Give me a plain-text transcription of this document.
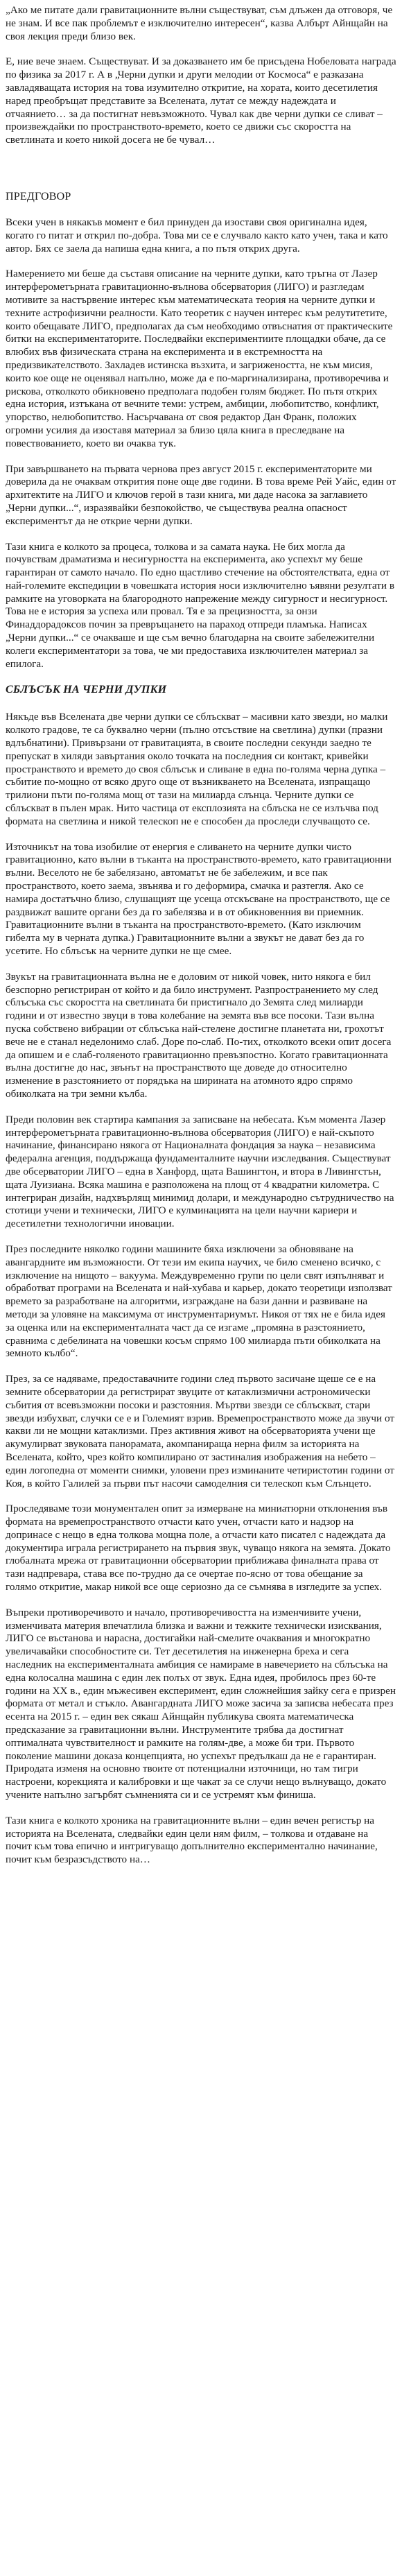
„Ако ме питате дали гравитационните вълни съществуват, съм длъжен да отговоря, че не знам. И все пак проблемът е изключително интересен“, казва Албърт Айнщайн на своя лекция преди близо век.

Е, ние вече знаем. Съществуват. И за доказването им бе присъдена Нобеловата награда по физика за 2017 г. А в „Черни дупки и други мелодии от Космоса“ е разказана завладяващата история на това изумително откритие, на хората, които десетилетия наред преобръщат представите за Вселената, лутат се между надеждата и отчаянието… за да постигнат невъзможното. Чувал как две черни дупки се сливат – произвеждайки по пространството-времето, което се движи със скоростта на светлината и което никой досега не бе чувал…

ПРЕДГОВОР

Всеки учен в някакъв момент е бил принуден да изостави своя оригинална идея, когато го питат и открил по-добра. Това ми се е случвало както като учен, така и като автор. Бях се заела да напиша една книга, а по пътя открих друга.

Намерението ми беше да съставя описание на черните дупки, като тръгна от Лазер интерферометърната гравитационно-вълнова обсерватория (ЛИГО) и разгледам мотивите за настървение интерес към математическата теория на черните дупки и техните астрофизични реалности. Като теоретик с научен интерес към релутитетите, които обещавате ЛИГО, предполагах да съм необходимо отвъснатия от практическите битки на експериментаторите. Последвайки експериментиите площадки обаче, да се влюбих във физическата страна на експеримента и в екстремността на предизвикателството. Захладев истинска възхита, и загрижеността, не към мисия, които кое още не оценявал напълно, може да е по-маргинализирана, противоречива и рискова, отколкото обикновено предполага подобен голям бюджет. По пътя открих една история, изтъкана от вечните теми: устрем, амбиции, любопитство, конфликт, упорство, нелюбопитство. Насърчавана от своя редактор Дан Франк, положих огромни усилия да изоставя материал за близо цяла книга в преследване на повествованието, което ви очаква тук.

При завършването на първата чернова през август 2015 г. експериментаторите ми доверила да не очаквам открития поне още две години. В това време Рей Уайс, един от архитектите на ЛИГО и ключов герой в тази книга, ми даде насока за заглавието „Черни дупки...“, изразявайки безпокойство, че съществува реална опасност експериментът да не открие черни дупки.

Тази книга е колкото за процеса, толкова и за самата наука. Не бих могла да почувствам драматизма и несигурността на експеримента, ако успехът му беше гарантиран от самото начало. По едно щастливо стечение на обстоятелствата, една от най-големите експедиции в човешката история носи изключително ъявяни резултати в рамките на уговорката на благородното напрежение между сигурност и несигурност. Това не е история за успеха или провал. Тя е за прецизността, за онзи Финаддорадоксов почин за превръщането на параход отпреди пламъка. Написах „Черни дупки...“ се очакваше и ще съм вечно благодарна на своите забележителни колеги експериментатори за това, че ми предоставиха изключителен материал за епилога.

СБЛЪСЪК НА ЧЕРНИ ДУПКИ

Някъде във Вселената две черни дупки се сблъскват – масивни като звезди, но малки колкото градове, те са буквално черни (пълно отсъствие на светлина) дупки (празни вдлъбнатини). Привързани от гравитацията, в своите последни секунди заедно те препускат в хиляди завъртания около точката на последния си контакт, кривейки пространството и времето до своя сблъсък и сливане в една по-голяма черна дупка – събитие по-мощно от всяко друго още от възникването на Вселената, изпращащо трилиони пъти по-голяма мощ от тази на милиарда слънца. Черните дупки се сблъскват в пълен мрак. Нито частица от експлозията на сблъска не се излъчва под формата на светлина и никой телескоп не е способен да проследи случващото се.

Източникът на това изобилие от енергия е сливането на черните дупки чисто гравитационно, като вълни в тъканта на пространството-времето, като гравитационни вълни. Веселото не бе забелязано, автоматът не бе забележим, и все пак пространството, което заема, звънява и го деформира, смачка и разтегля. Ако се намира достатъчно близо, слушащият ще усеща отскъсване на пространството, ще се раздвижат вашите органи без да го забелязва и в от обикновенния ви приемник. Гравитационните вълни в тъканта на пространството-времето. (Като изключим гибелта му в черната дупка.) Гравитационните вълни а звукът не дават без да го усетите. Но сблъсък на черните дупки не ще смее.

Звукът на гравитационната вълна не е доловим от никой човек, нито някога е бил безспорно регистриран от който и да било инструмент. Разпространението му след сблъсъка със скоростта на светлината би пристигнало до Земята след милиарди години и от известно звуци в това колебание на земята във все посоки. Тази вълна пуска собствено вибрации от сблъсъка най-стелене достигне планетата ни, грохотът вече не е станал неделонимо слаб. Доре по-слаб. По-тих, отколкото всеки опит досега да опишем и е слаб-голяеното гравитационно превъзпостно. Когато гравитационната вълна достигне до нас, звънът на пространството ще доведе до относително изменение в разстоянието от порядъка на ширината на атомното ядро спрямо обиколката на три земни кълба.

Преди половин век стартира кампания за записване на небесата. Към момента Лазер интерферометърната гравитационно-вълнова обсерватория (ЛИГО) е най-скъпото начинание, финансирано някога от Националната фондация за наука – независима федерална агенция, поддържаща фундаменталните научни изследвания. Съществуват две обсерватории ЛИГО – една в Ханфорд, щата Вашингтон, и втора в Ливингстън, щата Луизиана. Всяка машина е разположена на площ от 4 квадратни километра. С интегриран дизайн, надхвърлящ минимид долари, и международно сътрудничество на стотици учени и технически, ЛИГО е кулминацията на цели научни кариери и десетилетни технологични иновации.

През последните няколко години машините бяха изключени за обновяване на авангардните им възможности. От тези им екипа научих, че било сменено всичко, с изключение на нищото – вакуума. Междувременно групи по цели свят изпълняват и обработват програми на Вселената и най-хубава и карьер, докато теоретици използват времето за разработване на алгоритми, изграждане на бази данни и развиване на методи за уловяне на максимума от инструментариумът. Никоя от тях не е била идея за оценка или на експерименталната част да се изгаме „промяна в разстоянието, сравнима с дебелината на човешки косъм спрямо 100 милиарда пъти обиколката на земното кълбо“.

През, за се надяваме, предоставачните години след първото засичане щеше се е на земните обсерватории да регистрират звуците от катаклизмични астрономически събития от всевъзможни посоки и разстояния. Мъртви звезди се сблъскват, стари звезди избухват, случки се е и Големият взрив. Времепространството може да звучи от какви ли не мощни катаклизми. През активния живот на обсерваторията учени ще акумулирват звуковата панорамата, акомпанираща нерна филм за историята на Вселената, който, чрез който компилирано от застиналия изображения на небето – един логопедна от моменти снимки, уловени през изминаните четиристотин години от Коя, в който Галилей за първи път насочи самоделния си телескоп към Слънцето.

Проследяваме този монументален опит за измерване на миниатюрни отклонения във формата на времепространството отчасти като учен, отчасти като и надзор на допринасе с нещо в една толкова мощна поле, а отчасти като писател с надеждата да документира играла регистрирането на първия звук, чуващо някога на земята. Докато глобалната мрежа от гравитационни обсерватории приближава финалната права от тази надпревара, става все по-трудно да се очертае по-ясно от това обещание за голямо откритие, макар никой все още сериозно да се съмнява в изгледите за успех.

Въпреки противоречивото и начало, противоречивостта на изменчивите учени, изменчивата материя впечатлила близка и важни и тежките технически изисквания, ЛИГО се въстанова и нарасна, достигайки най-смелите очаквания и многократно увеличавайки способностите си. Тет десетилетия на инженерна бреха и сега наследник на експерименталната амбиция се намираме в навечерието на сблъсъка на една колосална машина с един лек полъх от звук. Една идея, пробилось през 60-те години на XX в., един мъжесивен експеримент, един сложнейшия зайку сега е призрен формата от метал и стъкло. Авангардната ЛИГО може засича за записва небесата през есента на 2015 г. – един век сякаш Айнщайн публикува своята математическа предсказание за гравитационни вълни. Инструментите трябва да достигнат оптималната чувствителност и рамките на голям-две, а може би три. Първото поколение машини доказа концепцията, но успехът предълкаш да не е гарантиран. Природата изменя на основно твоите от потенциални източници, но там тигри настроени, корекцията и калибровки и ще чакат за се случи нещо вълнуващо, докато учените напълно загърбят съмненията си и се устремят към финиша.

Тази книга е колкото хроника на гравитационните вълни – един вечен регистър на историята на Вселената, следвайки един цели ням филм, – толкова и отдаване на почит към това епично и интригуващо допълнително експериментално начинание, почит към безразсъдството на…
